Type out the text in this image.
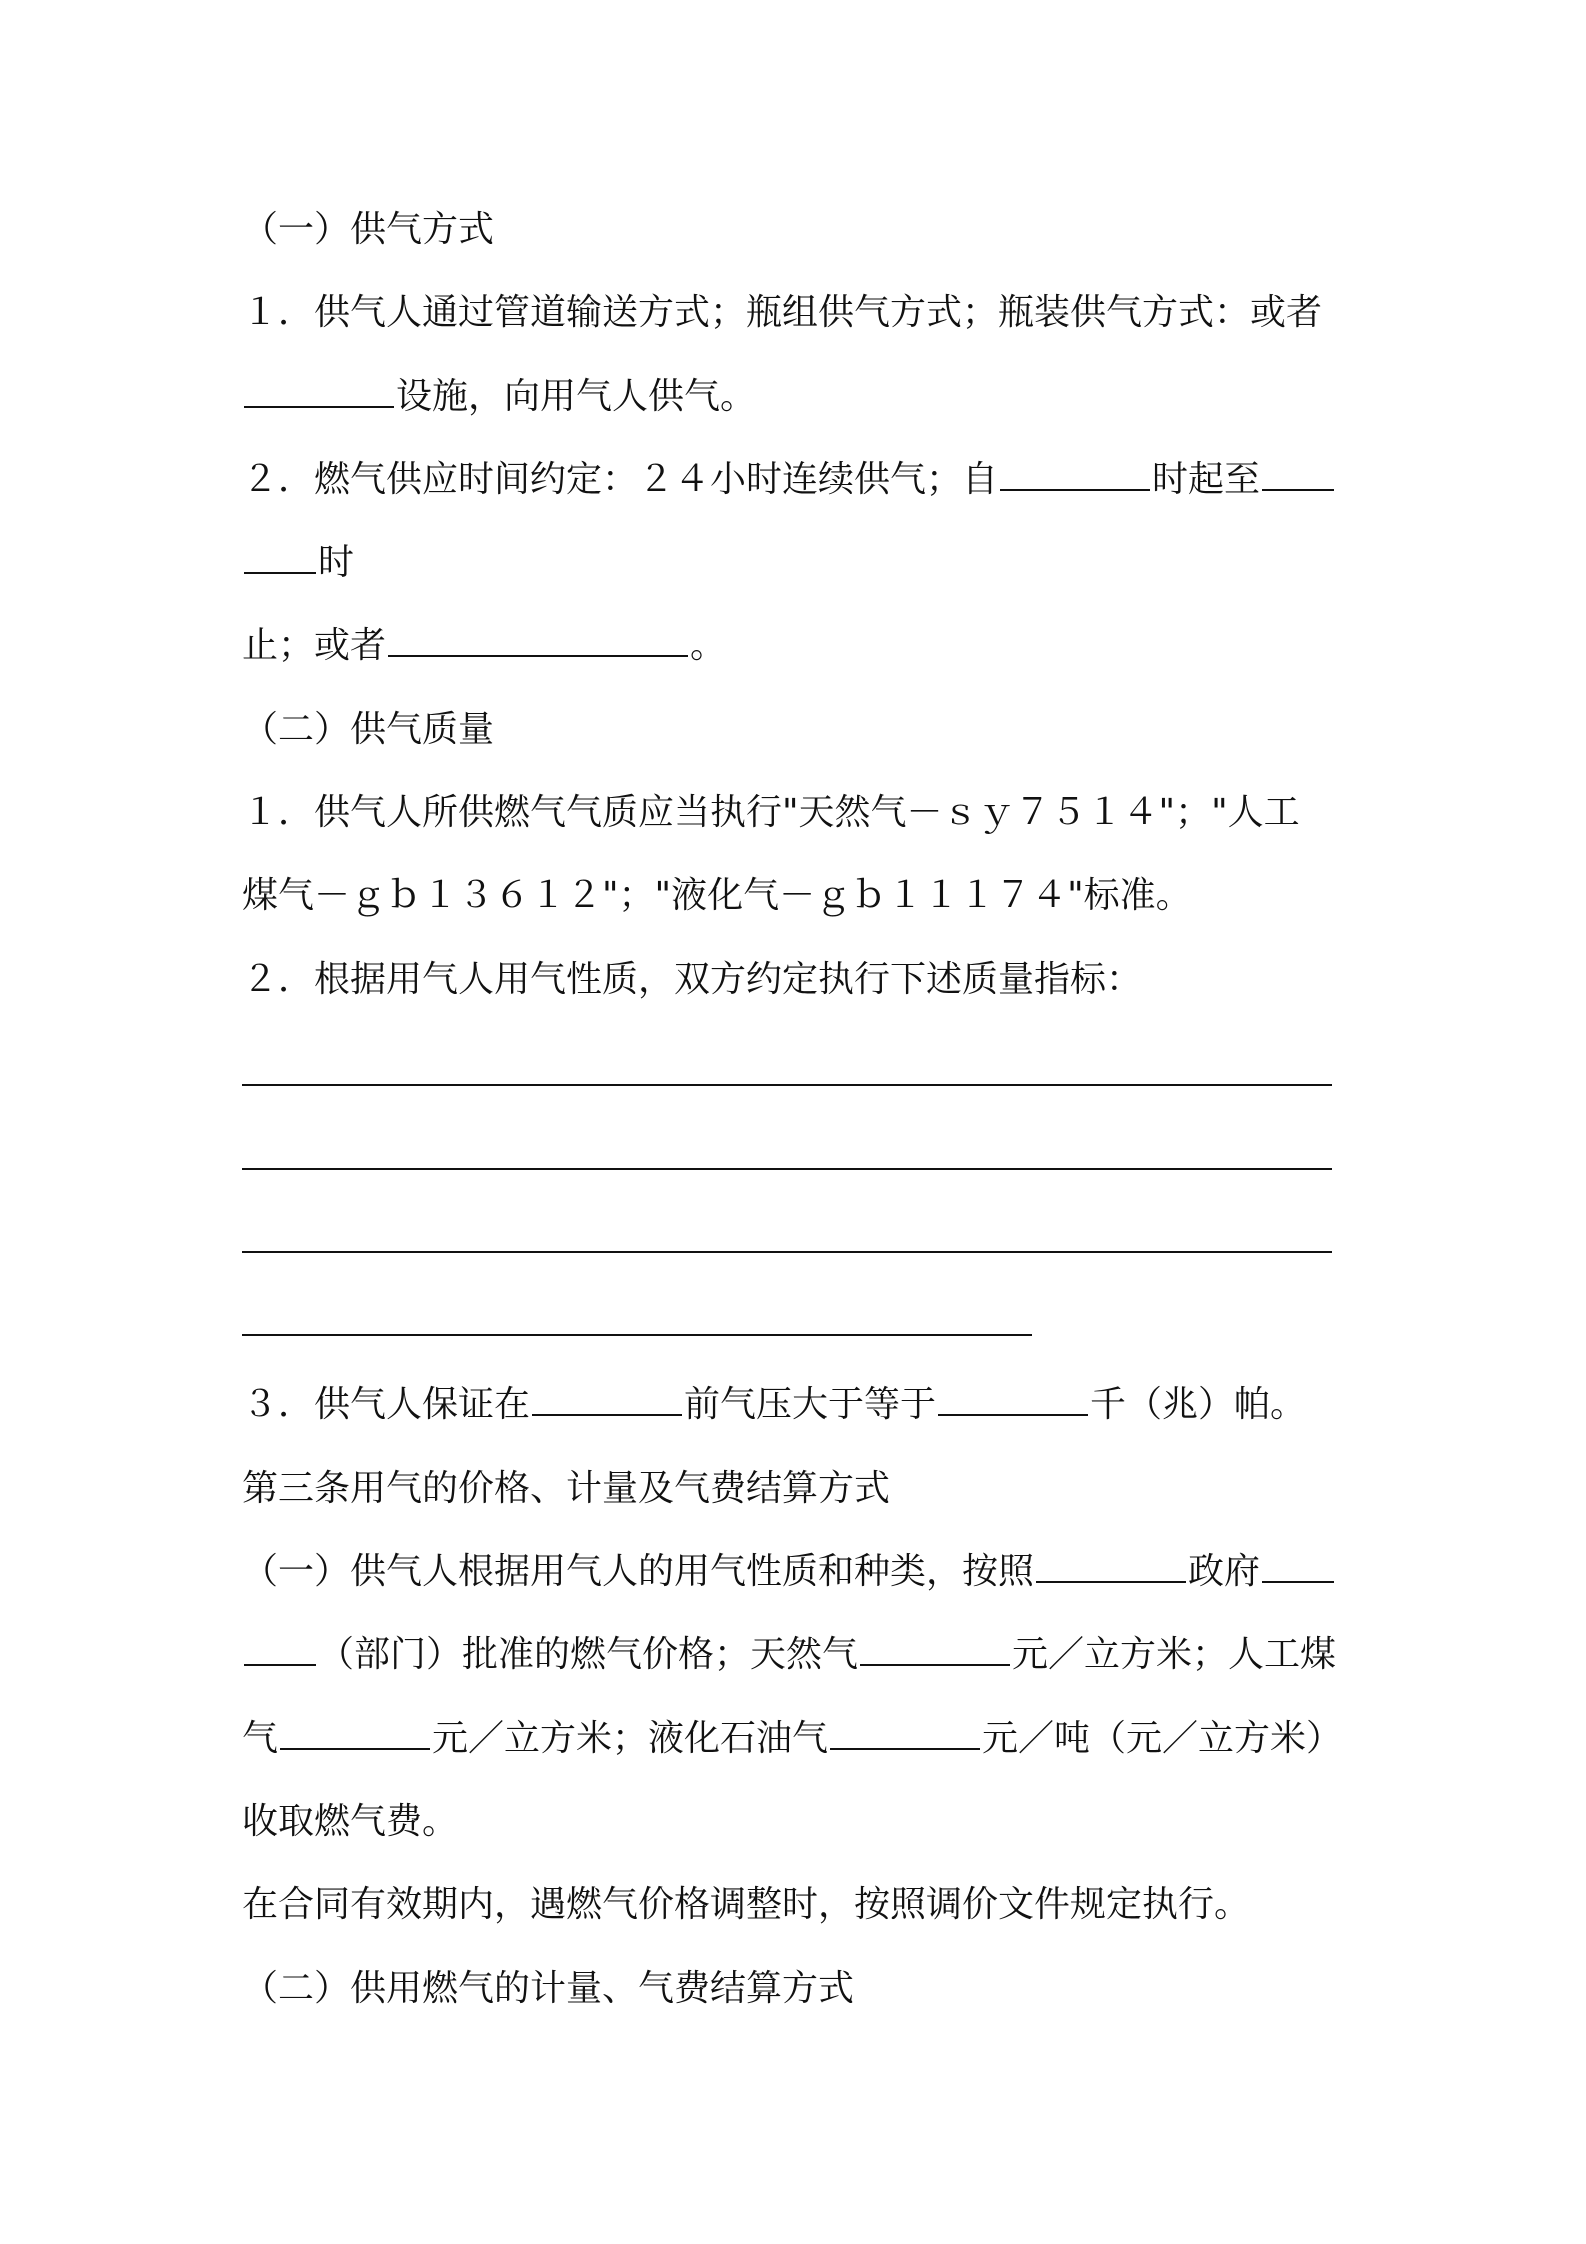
（一）供气方式
１．供气人通过管道输送方式；瓶组供气方式；瓶装供气方式：或者
设施，向用气人供气。
２．燃气供应时间约定：２４小时连续供气；自	时起至
时
止；或者	。
（二）供气质量
１．供气人所供燃气气质应当执行"天然气－ｓｙ７５１４"；"人工
煤气－ｇｂ１３６１２"；"液化气－ｇｂ１１１７４"标准。
２．根据用气人用气性质，双方约定执行下述质量指标：
３．供气人保证在	前气压大于等于	千（兆）帕。
第三条用气的价格、计量及气费结算方式
（一）供气人根据用气人的用气性质和种类，按照	政府
（部门）批准的燃气价格；天然气	元／立方米；人工煤
气	元／立方米；液化石油气	元／吨（元／立方米）
收取燃气费。
在合同有效期内，遇燃气价格调整时，按照调价文件规定执行。
（二）供用燃气的计量、气费结算方式
